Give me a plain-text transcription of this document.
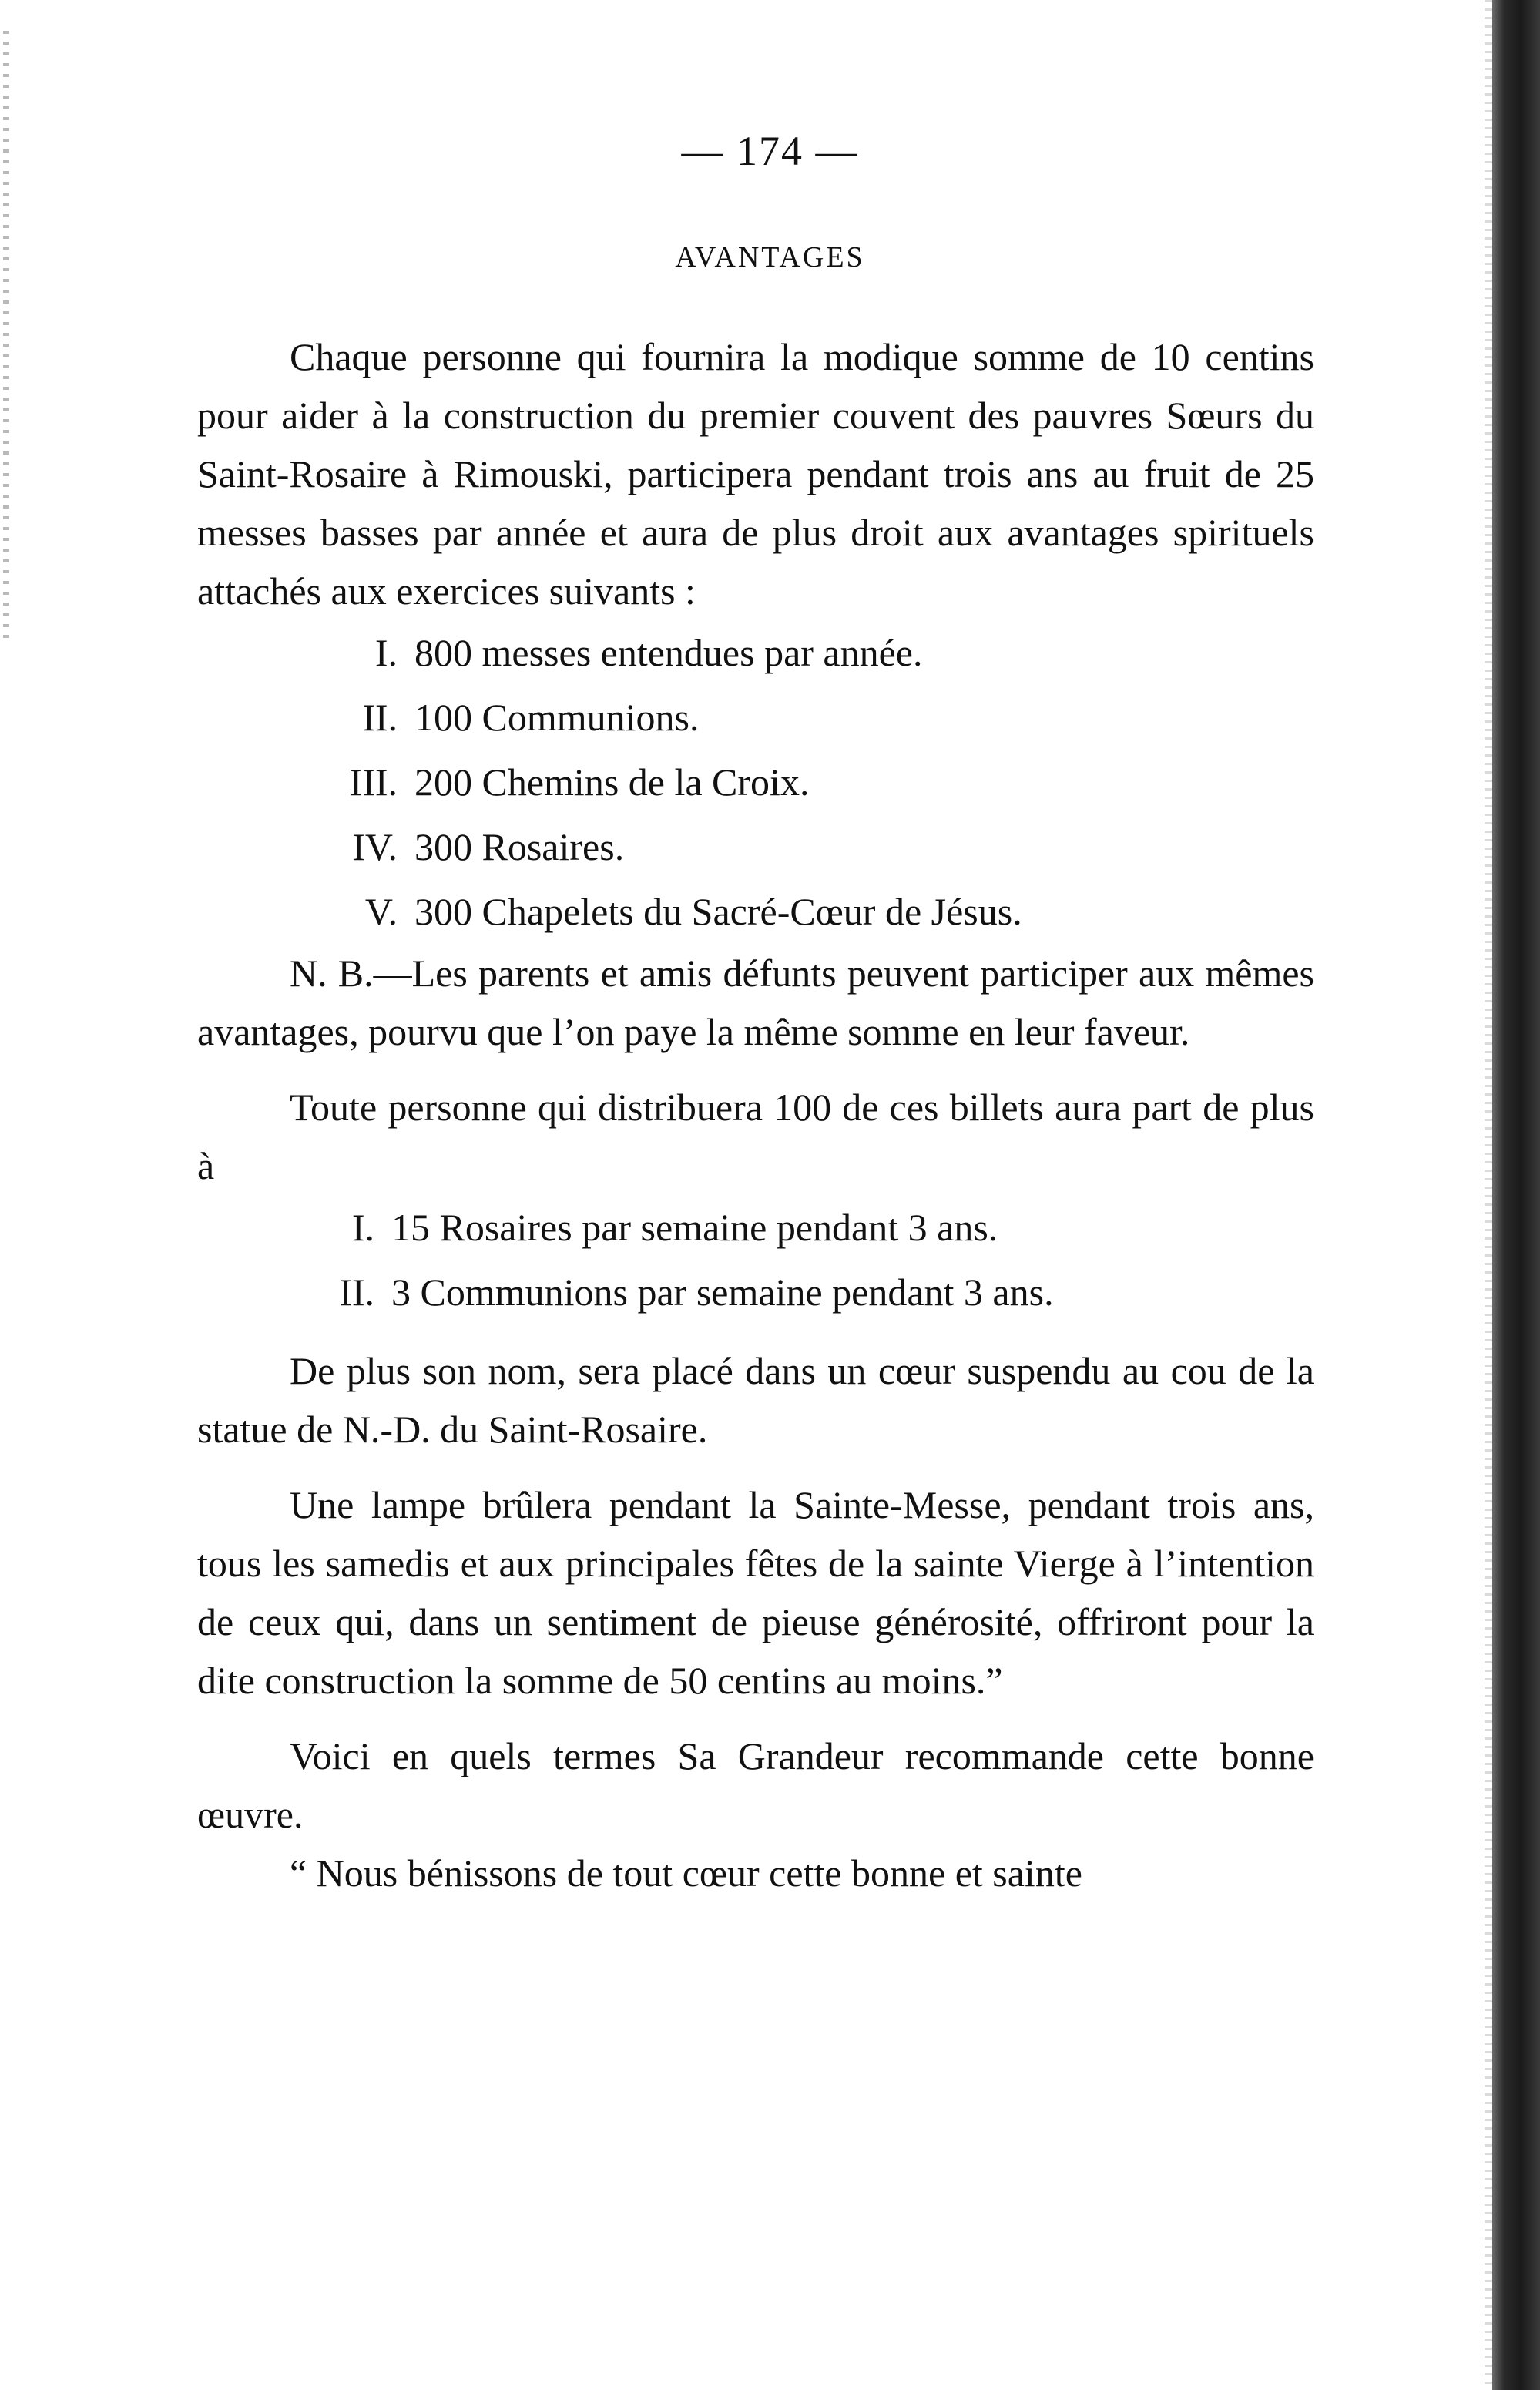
— 174 —
AVANTAGES

Chaque personne qui fournira la modique somme de 10 centins pour aider à la construction du premier couvent des pauvres Sœurs du Saint-Rosaire à Rimouski, participera pendant trois ans au fruit de 25 messes basses par année et aura de plus droit aux avantages spirituels attachés aux exercices suivants :

I. 800 messes entendues par année.

II. 100 Communions.

III. 200 Chemins de la Croix.

IV. 300 Rosaires.

V. 300 Chapelets du Sacré-Cœur de Jésus.

N. B.—Les parents et amis défunts peuvent participer aux mêmes avantages, pourvu que l’on paye la même somme en leur faveur.

Toute personne qui distribuera 100 de ces billets aura part de plus à

I. 15 Rosaires par semaine pendant 3 ans.

II. 3 Communions par semaine pendant 3 ans.

De plus son nom, sera placé dans un cœur suspendu au cou de la statue de N.-D. du Saint-Rosaire.

Une lampe brûlera pendant la Sainte-Messe, pendant trois ans, tous les samedis et aux principales fêtes de la sainte Vierge à l’intention de ceux qui, dans un sentiment de pieuse générosité, offriront pour la dite construction la somme de 50 centins au moins.”

Voici en quels termes Sa Grandeur recommande cette bonne œuvre.

“ Nous bénissons de tout cœur cette bonne et sainte
